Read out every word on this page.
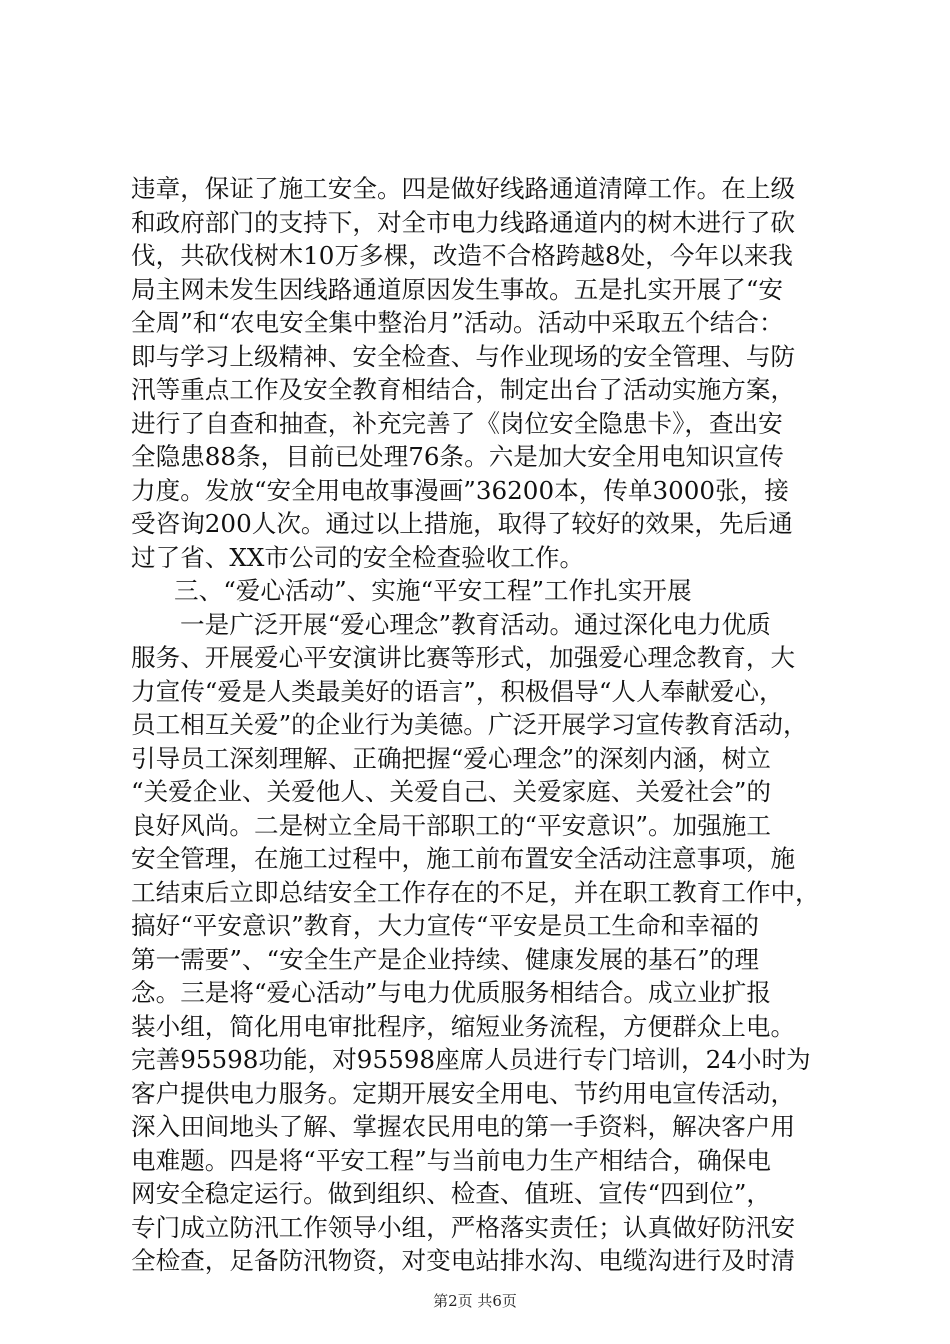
违章，保证了施工安全。四是做好线路通道清障工作。在上级
和政府部门的支持下，对全市电力线路通道内的树木进行了砍
伐，共砍伐树木10万多棵，改造不合格跨越8处，今年以来我
局主网未发生因线路通道原因发生事故。五是扎实开展了“安
全周”和“农电安全集中整治月”活动。活动中采取五个结合：
即与学习上级精神、安全检查、与作业现场的安全管理、与防
汛等重点工作及安全教育相结合，制定出台了活动实施方案，
进行了自查和抽查，补充完善了《岗位安全隐患卡》，查出安
全隐患88条，目前已处理76条。六是加大安全用电知识宣传
力度。发放“安全用电故事漫画”36200本，传单3000张，接
受咨询200人次。通过以上措施，取得了较好的效果，先后通
过了省、XX市公司的安全检查验收工作。
三、“爱心活动”、实施“平安工程”工作扎实开展
一是广泛开展“爱心理念”教育活动。通过深化电力优质
服务、开展爱心平安演讲比赛等形式，加强爱心理念教育，大
力宣传“爱是人类最美好的语言”，积极倡导“人人奉献爱心，
员工相互关爱”的企业行为美德。广泛开展学习宣传教育活动，
引导员工深刻理解、正确把握“爱心理念”的深刻内涵，树立
“关爱企业、关爱他人、关爱自己、关爱家庭、关爱社会”的
良好风尚。二是树立全局干部职工的“平安意识”。加强施工
安全管理，在施工过程中，施工前布置安全活动注意事项，施
工结束后立即总结安全工作存在的不足，并在职工教育工作中，
搞好“平安意识”教育，大力宣传“平安是员工生命和幸福的
第一需要”、“安全生产是企业持续、健康发展的基石”的理
念。三是将“爱心活动”与电力优质服务相结合。成立业扩报
装小组，简化用电审批程序，缩短业务流程，方便群众上电。
完善95598功能，对95598座席人员进行专门培训，24小时为
客户提供电力服务。定期开展安全用电、节约用电宣传活动，
深入田间地头了解、掌握农民用电的第一手资料，解决客户用
电难题。四是将“平安工程”与当前电力生产相结合，确保电
网安全稳定运行。做到组织、检查、值班、宣传“四到位”，
专门成立防汛工作领导小组，严格落实责任；认真做好防汛安
全检查，足备防汛物资，对变电站排水沟、电缆沟进行及时清
第2页 共6页
